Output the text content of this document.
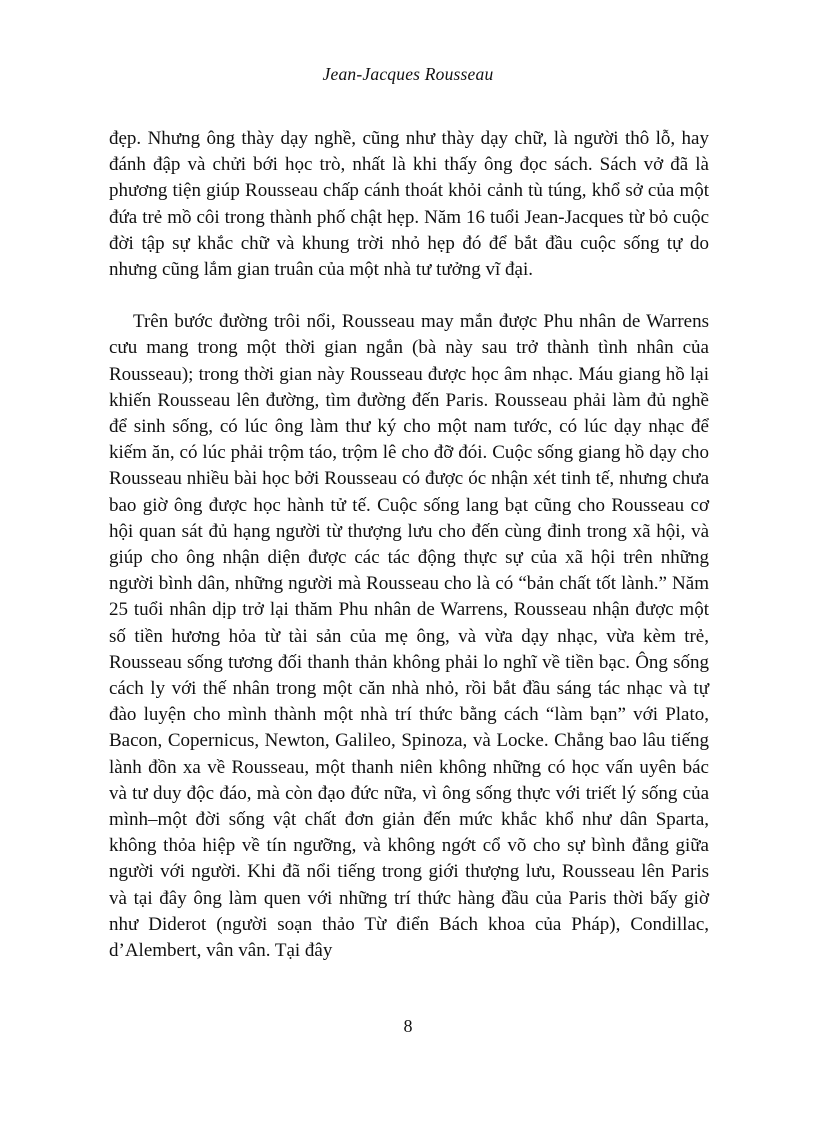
Jean-Jacques Rousseau

đẹp. Nhưng ông thày dạy nghề, cũng như thày dạy chữ, là người thô lỗ, hay đánh đập và chửi bới học trò, nhất là khi thấy ông đọc sách. Sách vở đã là phương tiện giúp Rousseau chấp cánh thoát khỏi cảnh tù túng, khổ sở của một đứa trẻ mồ côi trong thành phố chật hẹp. Năm 16 tuổi Jean-Jacques từ bỏ cuộc đời tập sự khắc chữ và khung trời nhỏ hẹp đó để bắt đầu cuộc sống tự do nhưng cũng lắm gian truân của một nhà tư tưởng vĩ đại.

Trên bước đường trôi nổi, Rousseau may mắn được Phu nhân de Warrens cưu mang trong một thời gian ngắn (bà này sau trở thành tình nhân của Rousseau); trong thời gian này Rousseau được học âm nhạc. Máu giang hồ lại khiến Rousseau lên đường, tìm đường đến Paris. Rousseau phải làm đủ nghề để sinh sống, có lúc ông làm thư ký cho một nam tước, có lúc dạy nhạc để kiếm ăn, có lúc phải trộm táo, trộm lê cho đỡ đói. Cuộc sống giang hồ dạy cho Rousseau nhiều bài học bởi Rousseau có được óc nhận xét tinh tế, nhưng chưa bao giờ ông được học hành tử tế. Cuộc sống lang bạt cũng cho Rousseau cơ hội quan sát đủ hạng người từ thượng lưu cho đến cùng đinh trong xã hội, và giúp cho ông nhận diện được các tác động thực sự của xã hội trên những người bình dân, những người mà Rousseau cho là có “bản chất tốt lành.” Năm 25 tuổi nhân dịp trở lại thăm Phu nhân de Warrens, Rousseau nhận được một số tiền hương hỏa từ tài sản của mẹ ông, và vừa dạy nhạc, vừa kèm trẻ, Rousseau sống tương đối thanh thản không phải lo nghĩ về tiền bạc. Ông sống cách ly với thế nhân trong một căn nhà nhỏ, rồi bắt đầu sáng tác nhạc và tự đào luyện cho mình thành một nhà trí thức bằng cách “làm bạn” với Plato, Bacon, Copernicus, Newton, Galileo, Spinoza, và Locke. Chẳng bao lâu tiếng lành đồn xa về Rousseau, một thanh niên không những có học vấn uyên bác và tư duy độc đáo, mà còn đạo đức nữa, vì ông sống thực với triết lý sống của mình–một đời sống vật chất đơn giản đến mức khắc khổ như dân Sparta, không thỏa hiệp về tín ngưỡng, và không ngớt cổ võ cho sự bình đẳng giữa người với người. Khi đã nổi tiếng trong giới thượng lưu, Rousseau lên Paris và tại đây ông làm quen với những trí thức hàng đầu của Paris thời bấy giờ như Diderot (người soạn thảo Từ điển Bách khoa của Pháp), Condillac, d’Alembert, vân vân. Tại đây

8
